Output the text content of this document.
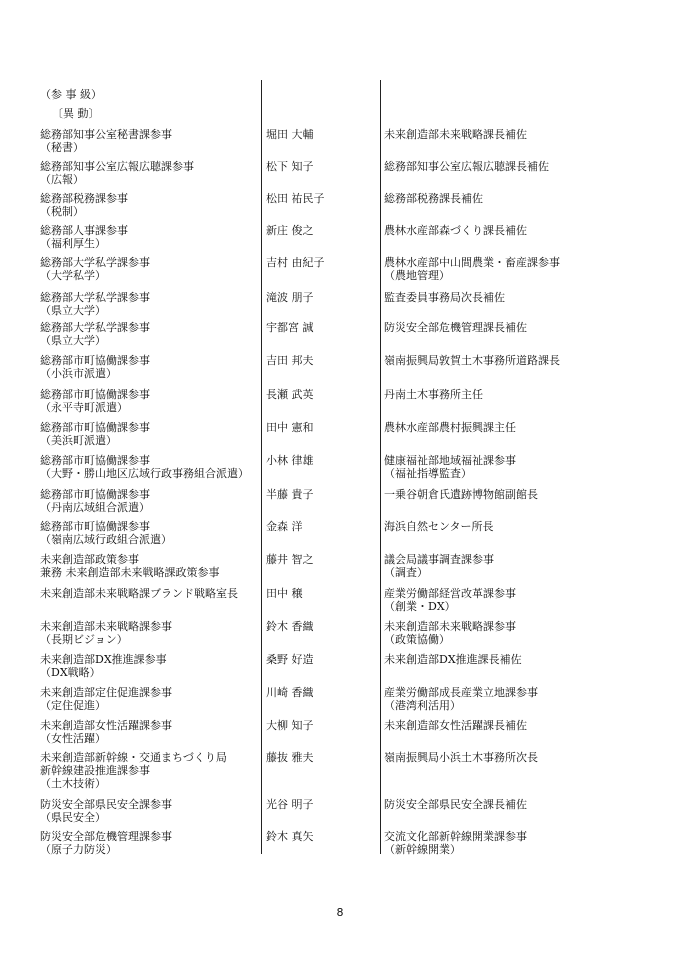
（参 事 級）
〔異 動〕
総務部知事公室秘書課参事
（秘書）
堀田 大輔	未来創造部未来戦略課長補佐
総務部知事公室広報広聴課参事
（広報）
松下 知子	総務部知事公室広報広聴課長補佐
総務部税務課参事
（税制）
松田 祐民子	総務部税務課長補佐
総務部人事課参事
（福利厚生）
新庄 俊之	農林水産部森づくり課長補佐
総務部大学私学課参事
（大学私学）
吉村 由紀子	農林水産部中山間農業・畜産課参事
（農地管理）
総務部大学私学課参事
（県立大学）
滝波 朋子	監査委員事務局次長補佐
総務部大学私学課参事
（県立大学）
宇都宮 誠	防災安全部危機管理課長補佐
総務部市町協働課参事
（小浜市派遣）
吉田 邦夫	嶺南振興局敦賀土木事務所道路課長
総務部市町協働課参事
（永平寺町派遣）
長瀬 武英	丹南土木事務所主任
総務部市町協働課参事
（美浜町派遣）
田中 憲和	農林水産部農村振興課主任
総務部市町協働課参事
（大野・勝山地区広域行政事務組合派遣）
小林 律雄	健康福祉部地域福祉課参事
（福祉指導監査）
総務部市町協働課参事
（丹南広域組合派遣）
半藤 貴子	一乗谷朝倉氏遺跡博物館副館長
総務部市町協働課参事
（嶺南広域行政組合派遣）
金森 洋	海浜自然センター所長
未来創造部政策参事
兼務 未来創造部未来戦略課政策参事
藤井 智之	議会局議事調査課参事
（調査）
未来創造部未来戦略課ブランド戦略室長	田中 穣	産業労働部経営改革課参事
（創業・DX）
未来創造部未来戦略課参事
（長期ビジョン）
鈴木 香織	未来創造部未来戦略課参事
（政策協働）
未来創造部DX推進課参事
（DX戦略）
桑野 好造	未来創造部DX推進課長補佐
未来創造部定住促進課参事
（定住促進）
川崎 香織	産業労働部成長産業立地課参事
（港湾利活用）
未来創造部女性活躍課参事
（女性活躍）
大柳 知子	未来創造部女性活躍課長補佐
未来創造部新幹線・交通まちづくり局
新幹線建設推進課参事
（土木技術）
藤抜 雅夫	嶺南振興局小浜土木事務所次長
防災安全部県民安全課参事
（県民安全）
光谷 明子	防災安全部県民安全課長補佐
防災安全部危機管理課参事
（原子力防災）
鈴木 真矢	交流文化部新幹線開業課参事
（新幹線開業）
8
